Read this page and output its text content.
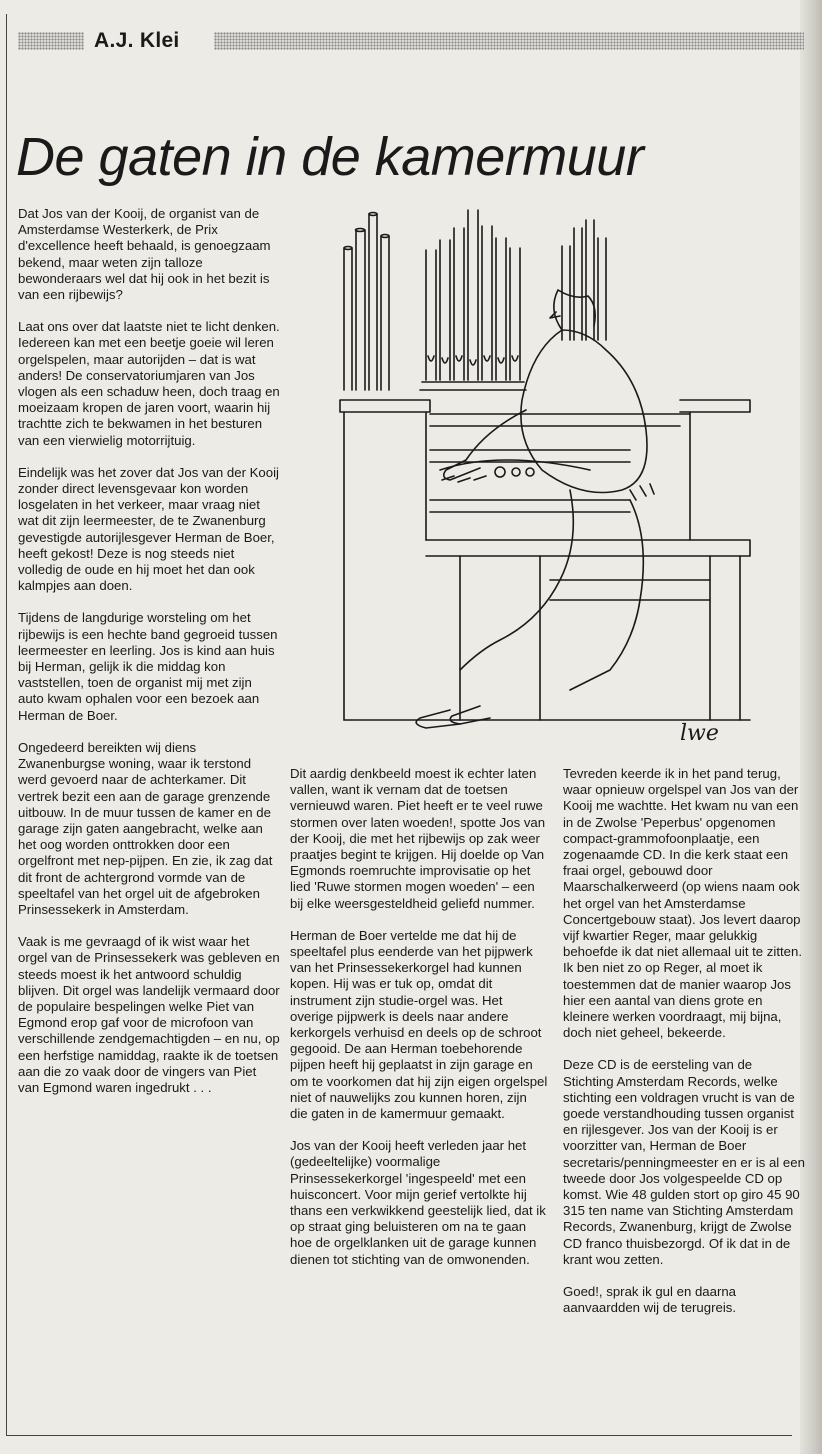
A.J. Klei
De gaten in de kamermuur

Dat Jos van der Kooij, de organist van de Amsterdamse Westerkerk, de Prix d'excellence heeft behaald, is genoegzaam bekend, maar weten zijn talloze bewonderaars wel dat hij ook in het bezit is van een rijbewijs?

Laat ons over dat laatste niet te licht denken. Iedereen kan met een beetje goeie wil leren orgelspelen, maar autorijden – dat is wat anders! De conservatoriumjaren van Jos vlogen als een schaduw heen, doch traag en moeizaam kropen de jaren voort, waarin hij trachtte zich te bekwamen in het besturen van een vierwielig motorrijtuig.

Eindelijk was het zover dat Jos van der Kooij zonder direct levensgevaar kon worden losgelaten in het verkeer, maar vraag niet wat dit zijn leermeester, de te Zwanenburg gevestigde autorijlesgever Herman de Boer, heeft gekost! Deze is nog steeds niet volledig de oude en hij moet het dan ook kalmpjes aan doen.

Tijdens de langdurige worsteling om het rijbewijs is een hechte band gegroeid tussen leermeester en leerling. Jos is kind aan huis bij Herman, gelijk ik die middag kon vaststellen, toen de organist mij met zijn auto kwam ophalen voor een bezoek aan Herman de Boer.

Ongedeerd bereikten wij diens Zwanenburgse woning, waar ik terstond werd gevoerd naar de achterkamer. Dit vertrek bezit een aan de garage grenzende uitbouw. In de muur tussen de kamer en de garage zijn gaten aangebracht, welke aan het oog worden onttrokken door een orgelfront met nep-pijpen. En zie, ik zag dat dit front de achtergrond vormde van de speeltafel van het orgel uit de afgebroken Prinsessekerk in Amsterdam.

Vaak is me gevraagd of ik wist waar het orgel van de Prinsessekerk was gebleven en steeds moest ik het antwoord schuldig blijven. Dit orgel was landelijk vermaard door de populaire bespelingen welke Piet van Egmond erop gaf voor de microfoon van verschillende zendgemachtigden – en nu, op een herfstige namiddag, raakte ik de toetsen aan die zo vaak door de vingers van Piet van Egmond waren ingedrukt . . .

Dit aardig denkbeeld moest ik echter laten vallen, want ik vernam dat de toetsen vernieuwd waren. Piet heeft er te veel ruwe stormen over laten woeden!, spotte Jos van der Kooij, die met het rijbewijs op zak weer praatjes begint te krijgen. Hij doelde op Van Egmonds roemruchte improvisatie op het lied 'Ruwe stormen mogen woeden' – een bij elke weersgesteldheid geliefd nummer.

Herman de Boer vertelde me dat hij de speeltafel plus eenderde van het pijpwerk van het Prinsessekerkorgel had kunnen kopen. Hij was er tuk op, omdat dit instrument zijn studie-orgel was. Het overige pijpwerk is deels naar andere kerkorgels verhuisd en deels op de schroot gegooid. De aan Herman toebehorende pijpen heeft hij geplaatst in zijn garage en om te voorkomen dat hij zijn eigen orgelspel niet of nauwelijks zou kunnen horen, zijn die gaten in de kamermuur gemaakt.

Jos van der Kooij heeft verleden jaar het (gedeeltelijke) voormalige Prinsessekerkorgel 'ingespeeld' met een huisconcert. Voor mijn gerief vertolkte hij thans een verkwikkend geestelijk lied, dat ik op straat ging beluisteren om na te gaan hoe de orgelklanken uit de garage kunnen dienen tot stichting van de omwonenden.

Tevreden keerde ik in het pand terug, waar opnieuw orgelspel van Jos van der Kooij me wachtte. Het kwam nu van een in de Zwolse 'Peperbus' opgenomen compact-grammofoonplaatje, een zogenaamde CD. In die kerk staat een fraai orgel, gebouwd door Maarschalkerweerd (op wiens naam ook het orgel van het Amsterdamse Concertgebouw staat). Jos levert daarop vijf kwartier Reger, maar gelukkig behoefde ik dat niet allemaal uit te zitten. Ik ben niet zo op Reger, al moet ik toestemmen dat de manier waarop Jos hier een aantal van diens grote en kleinere werken voordraagt, mij bijna, doch niet geheel, bekeerde.

Deze CD is de eersteling van de Stichting Amsterdam Records, welke stichting een voldragen vrucht is van de goede verstandhouding tussen organist en rijlesgever. Jos van der Kooij is er voorzitter van, Herman de Boer secretaris/penningmeester en er is al een tweede door Jos volgespeelde CD op komst. Wie 48 gulden stort op giro 45 90 315 ten name van Stichting Amsterdam Records, Zwanenburg, krijgt de Zwolse CD franco thuisbezorgd. Of ik dat in de krant wou zetten.

Goed!, sprak ik gul en daarna aanvaardden wij de terugreis.

lwe
